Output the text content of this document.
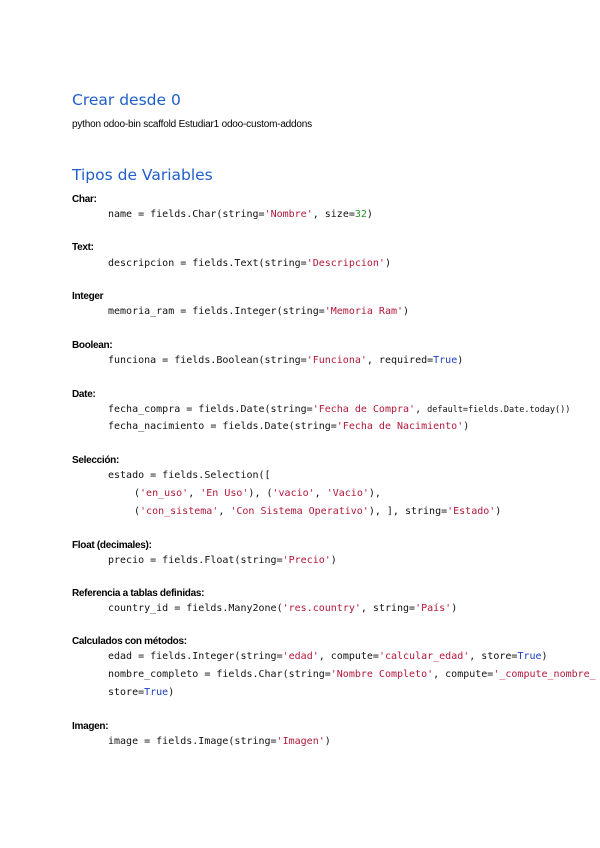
Crear desde 0
python odoo-bin scaffold Estudiar1 odoo-custom-addons
Tipos de Variables
Char:
name = fields.Char(string='Nombre', size=32)
Text:
descripcion = fields.Text(string='Descripcion')
Integer
memoria_ram = fields.Integer(string='Memoria Ram')
Boolean:
funciona = fields.Boolean(string='Funciona', required=True)
Date:
fecha_compra = fields.Date(string='Fecha de Compra', default=fields.Date.today())
fecha_nacimiento = fields.Date(string='Fecha de Nacimiento')
Selección:
estado = fields.Selection([
('en_uso', 'En Uso'), ('vacio', 'Vacio'),
('con_sistema', 'Con Sistema Operativo'), ], string='Estado')
Float (decimales):
precio = fields.Float(string='Precio')
Referencia a tablas definidas:
country_id = fields.Many2one('res.country', string='País')
Calculados con métodos:
edad = fields.Integer(string='edad', compute='calcular_edad', store=True)
nombre_completo = fields.Char(string='Nombre Completo', compute='_compute_nombre_
store=True)
Imagen:
image = fields.Image(string='Imagen')
